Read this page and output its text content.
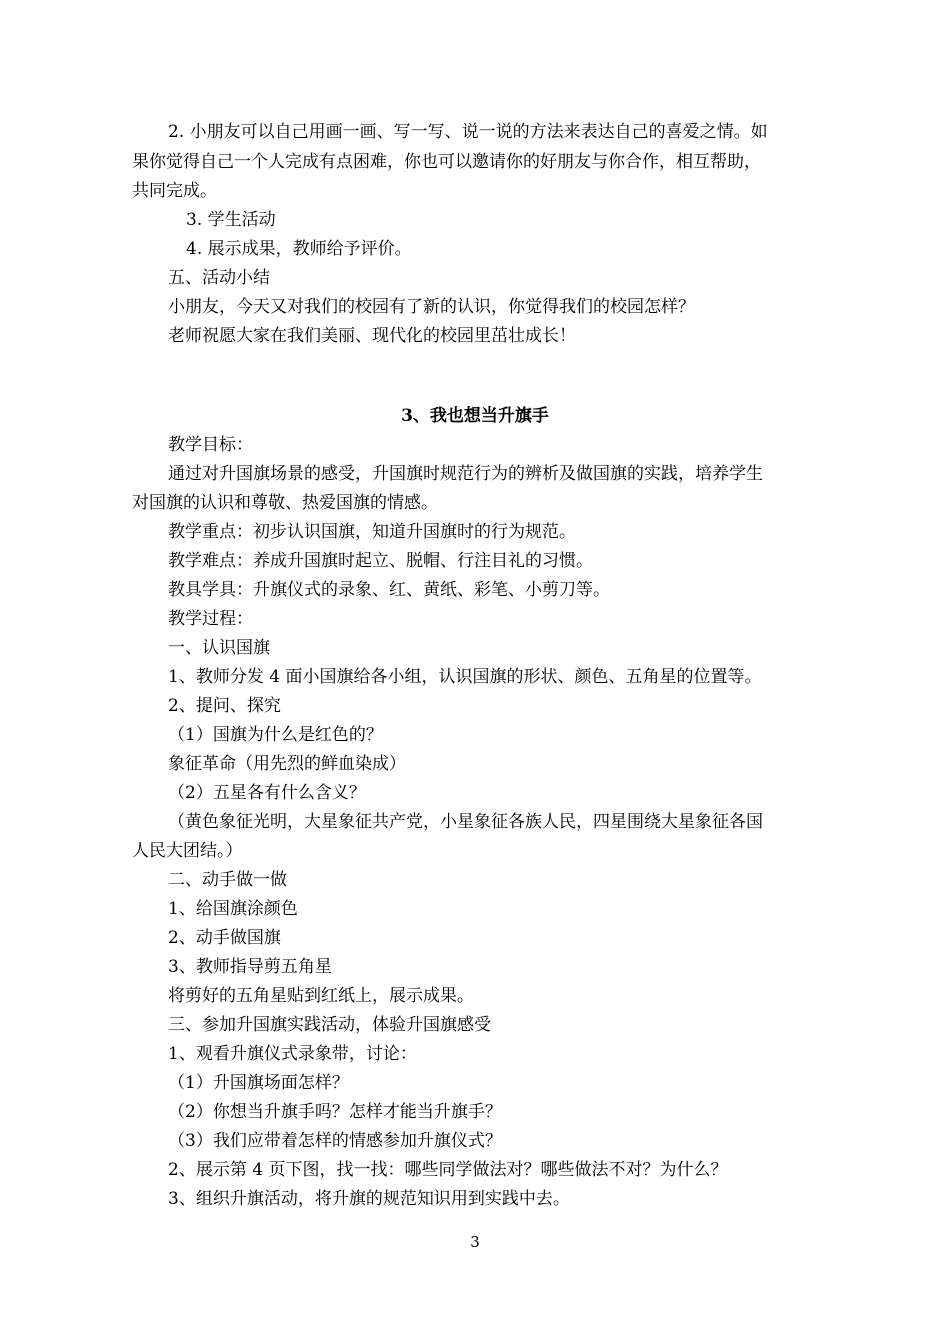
2. 小朋友可以自己用画一画、写一写、说一说的方法来表达自己的喜爱之情。如
果你觉得自己一个人完成有点困难，你也可以邀请你的好朋友与你合作，相互帮助，
共同完成。
3. 学生活动
4. 展示成果，教师给予评价。
五、活动小结
小朋友，今天又对我们的校园有了新的认识，你觉得我们的校园怎样？
老师祝愿大家在我们美丽、现代化的校园里茁壮成长！
3、我也想当升旗手
教学目标：
通过对升国旗场景的感受，升国旗时规范行为的辨析及做国旗的实践，培养学生
对国旗的认识和尊敬、热爱国旗的情感。
教学重点：初步认识国旗，知道升国旗时的行为规范。
教学难点：养成升国旗时起立、脱帽、行注目礼的习惯。
教具学具：升旗仪式的录象、红、黄纸、彩笔、小剪刀等。
教学过程：
一、认识国旗
1、教师分发 4 面小国旗给各小组，认识国旗的形状、颜色、五角星的位置等。
2、提问、探究
（1）国旗为什么是红色的？
象征革命（用先烈的鲜血染成）
（2）五星各有什么含义？
（黄色象征光明，大星象征共产党，小星象征各族人民，四星围绕大星象征各国
人民大团结。）
二、动手做一做
1、给国旗涂颜色
2、动手做国旗
3、教师指导剪五角星
将剪好的五角星贴到红纸上，展示成果。
三、参加升国旗实践活动，体验升国旗感受
1、观看升旗仪式录象带，讨论：
（1）升国旗场面怎样？
（2）你想当升旗手吗？怎样才能当升旗手？
（3）我们应带着怎样的情感参加升旗仪式？
2、展示第 4 页下图，找一找：哪些同学做法对？哪些做法不对？为什么？
3、组织升旗活动，将升旗的规范知识用到实践中去。
3
